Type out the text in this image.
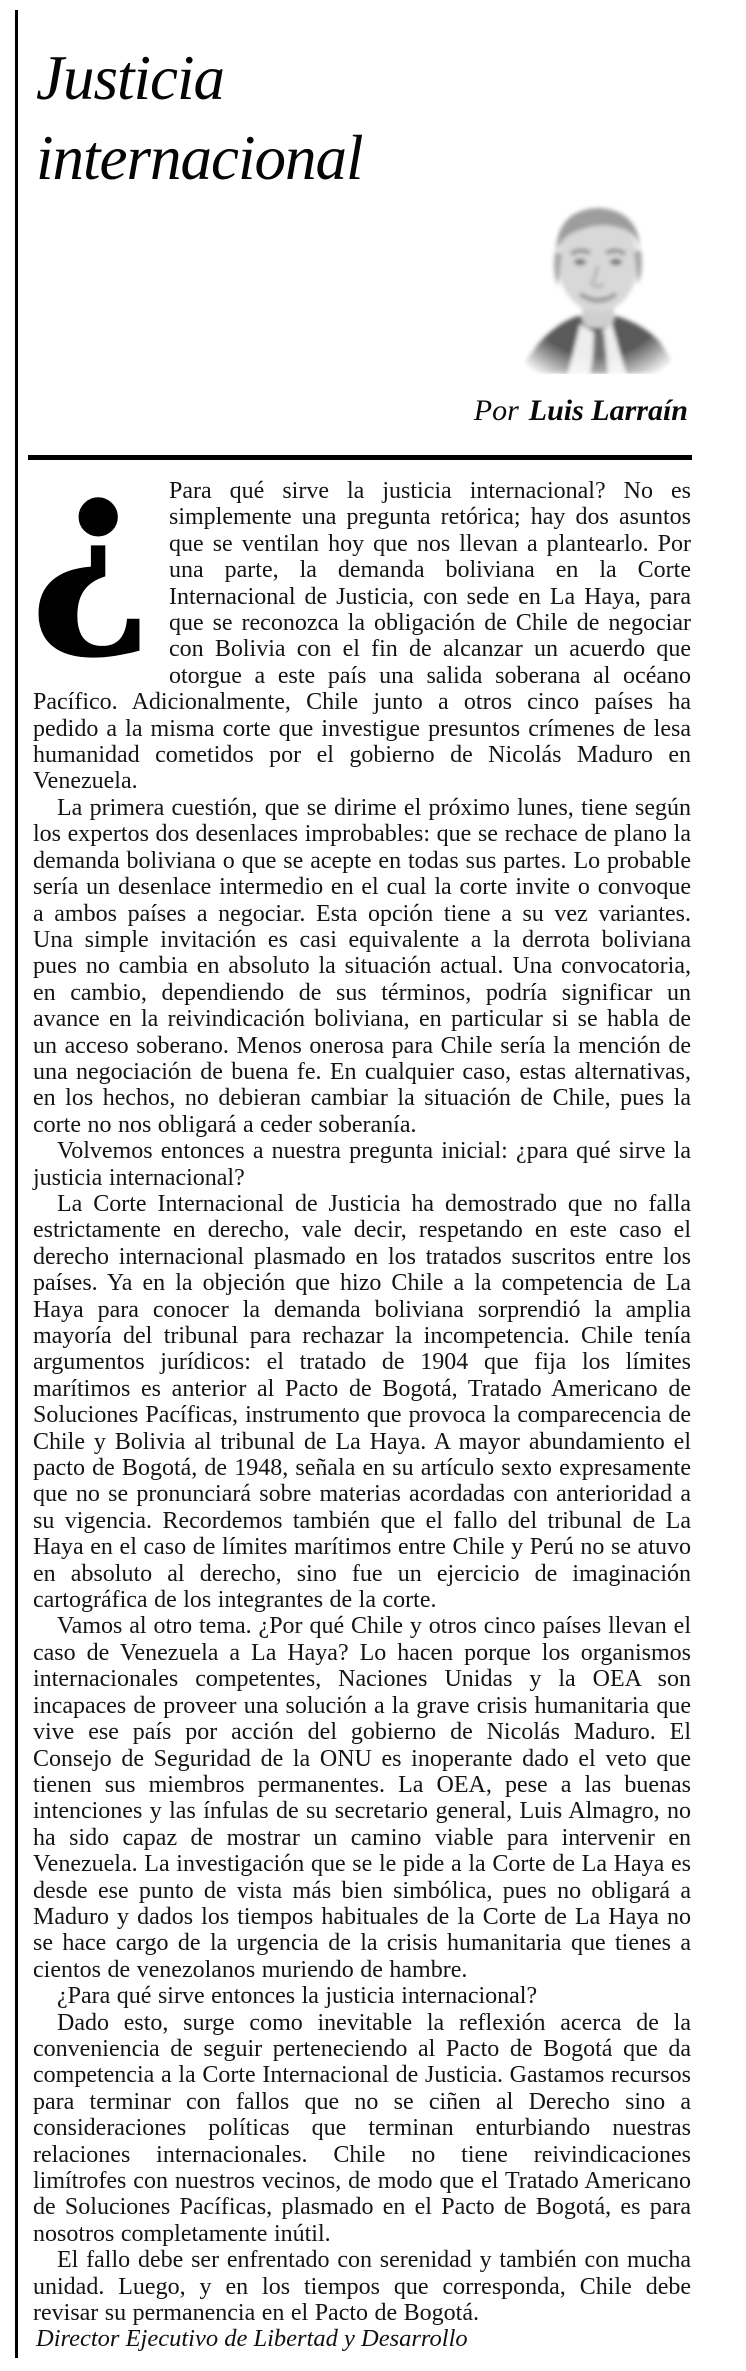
Justicia
internacional
Por Luis Larraín

¿ Para qué sirve la justicia internacional? No es simplemente una pregunta retórica; hay dos asuntos que se ventilan hoy que nos llevan a plantearlo. Por una parte, la demanda boliviana en la Corte Internacional de Justicia, con sede en La Haya, para que se reconozca la obligación de Chile de negociar con Bolivia con el fin de alcanzar un acuerdo que otorgue a este país una salida soberana al océano Pacífico. Adicionalmente, Chile junto a otros cinco países ha pedido a la misma corte que investigue presuntos crímenes de lesa humanidad cometidos por el gobierno de Nicolás Maduro en Venezuela.

La primera cuestión, que se dirime el próximo lunes, tiene según los expertos dos desenlaces improbables: que se rechace de plano la demanda boliviana o que se acepte en todas sus partes. Lo probable sería un desenlace intermedio en el cual la corte invite o convoque a ambos países a negociar. Esta opción tiene a su vez variantes. Una simple invitación es casi equivalente a la derrota boliviana pues no cambia en absoluto la situación actual. Una convocatoria, en cambio, dependiendo de sus términos, podría significar un avance en la reivindicación boliviana, en particular si se habla de un acceso soberano. Menos onerosa para Chile sería la mención de una negociación de buena fe. En cualquier caso, estas alternativas, en los hechos, no debieran cambiar la situación de Chile, pues la corte no nos obligará a ceder soberanía.

Volvemos entonces a nuestra pregunta inicial: ¿para qué sirve la justicia internacional?

La Corte Internacional de Justicia ha demostrado que no falla estrictamente en derecho, vale decir, respetando en este caso el derecho internacional plasmado en los tratados suscritos entre los países. Ya en la objeción que hizo Chile a la competencia de La Haya para conocer la demanda boliviana sorprendió la amplia mayoría del tribunal para rechazar la incompetencia. Chile tenía argumentos jurídicos: el tratado de 1904 que fija los límites marítimos es anterior al Pacto de Bogotá, Tratado Americano de Soluciones Pacíficas, instrumento que provoca la comparecencia de Chile y Bolivia al tribunal de La Haya. A mayor abundamiento el pacto de Bogotá, de 1948, señala en su artículo sexto expresamente que no se pronunciará sobre materias acordadas con anterioridad a su vigencia. Recordemos también que el fallo del tribunal de La Haya en el caso de límites marítimos entre Chile y Perú no se atuvo en absoluto al derecho, sino fue un ejercicio de imaginación cartográfica de los integrantes de la corte.

Vamos al otro tema. ¿Por qué Chile y otros cinco países llevan el caso de Venezuela a La Haya? Lo hacen porque los organismos internacionales competentes, Naciones Unidas y la OEA son incapaces de proveer una solución a la grave crisis humanitaria que vive ese país por acción del gobierno de Nicolás Maduro. El Consejo de Seguridad de la ONU es inoperante dado el veto que tienen sus miembros permanentes. La OEA, pese a las buenas intenciones y las ínfulas de su secretario general, Luis Almagro, no ha sido capaz de mostrar un camino viable para intervenir en Venezuela. La investigación que se le pide a la Corte de La Haya es desde ese punto de vista más bien simbólica, pues no obligará a Maduro y dados los tiempos habituales de la Corte de La Haya no se hace cargo de la urgencia de la crisis humanitaria que tienes a cientos de venezolanos muriendo de hambre.

¿Para qué sirve entonces la justicia internacional?

Dado esto, surge como inevitable la reflexión acerca de la conveniencia de seguir perteneciendo al Pacto de Bogotá que da competencia a la Corte Internacional de Justicia. Gastamos recursos para terminar con fallos que no se ciñen al Derecho sino a consideraciones políticas que terminan enturbiando nuestras relaciones internacionales. Chile no tiene reivindicaciones limítrofes con nuestros vecinos, de modo que el Tratado Americano de Soluciones Pacíficas, plasmado en el Pacto de Bogotá, es para nosotros completamente inútil.

El fallo debe ser enfrentado con serenidad y también con mucha unidad. Luego, y en los tiempos que corresponda, Chile debe revisar su permanencia en el Pacto de Bogotá.

Director Ejecutivo de Libertad y Desarrollo
